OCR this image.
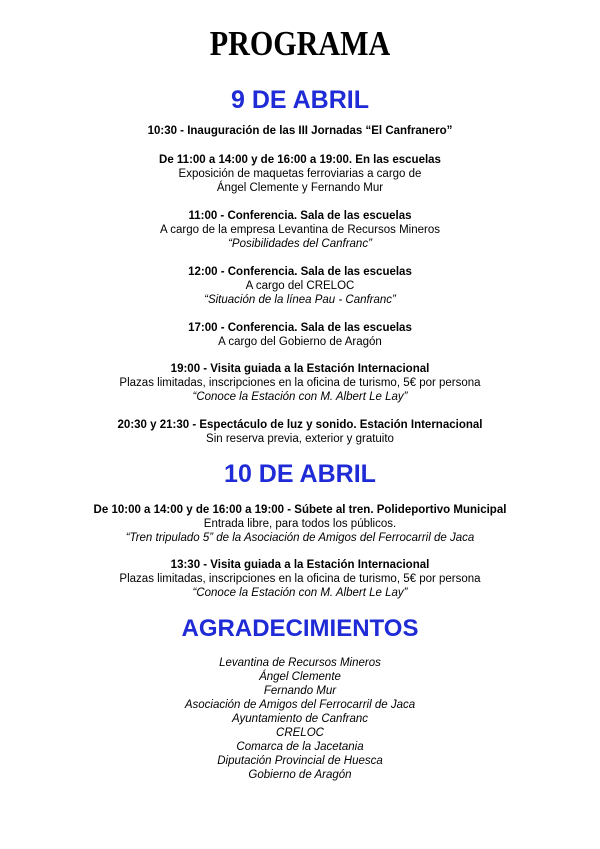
PROGRAMA
9 DE ABRIL
10:30 - Inauguración de las III Jornadas “El Canfranero”
De 11:00 a 14:00 y de 16:00 a 19:00. En las escuelas
Exposición de maquetas ferroviarias a cargo de
Ángel Clemente y Fernando Mur
11:00 - Conferencia. Sala de las escuelas
A cargo de la empresa Levantina de Recursos Mineros
“Posibilidades del Canfranc”
12:00 - Conferencia. Sala de las escuelas
A cargo del CRELOC
“Situación de la línea Pau - Canfranc”
17:00 - Conferencia. Sala de las escuelas
A cargo del Gobierno de Aragón
19:00 - Visita guiada a la Estación Internacional
Plazas limitadas, inscripciones en la oficina de turismo, 5€ por persona
“Conoce la Estación con M. Albert Le Lay”
20:30 y 21:30 - Espectáculo de luz y sonido. Estación Internacional
Sin reserva previa, exterior y gratuito
10 DE ABRIL
De 10:00 a 14:00 y de 16:00 a 19:00 - Súbete al tren. Polideportivo Municipal
Entrada libre, para todos los públicos.
“Tren tripulado 5” de la Asociación de Amigos del Ferrocarril de Jaca
13:30 - Visita guiada a la Estación Internacional
Plazas limitadas, inscripciones en la oficina de turismo, 5€ por persona
“Conoce la Estación con M. Albert Le Lay”
AGRADECIMIENTOS
Levantina de Recursos Mineros
Ángel Clemente
Fernando Mur
Asociación de Amigos del Ferrocarril de Jaca
Ayuntamiento de Canfranc
CRELOC
Comarca de la Jacetania
Diputación Provincial de Huesca
Gobierno de Aragón
